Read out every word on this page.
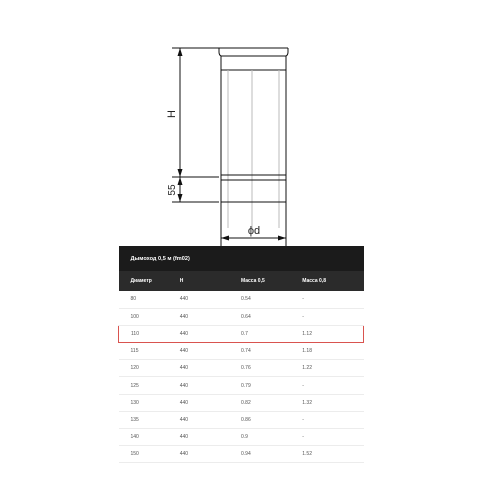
H
55
ϕd
Дымоход 0,5 м (fm02)			
Диаметр	H	Масса 0,5	Масса 0,8
80	440	0.54	-
100	440	0.64	-
110	440	0.7	1.12
115	440	0.74	1.18
120	440	0.76	1.22
125	440	0.79	-
130	440	0.82	1.32
135	440	0.86	-
140	440	0.9	-
150	440	0.94	1.52
